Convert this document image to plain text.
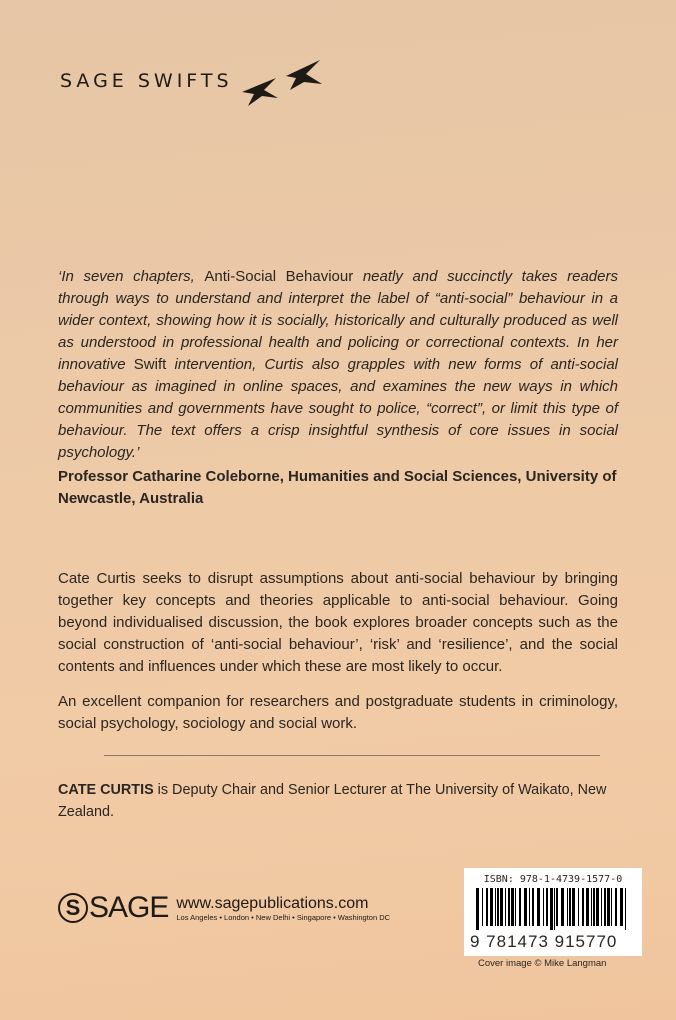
SAGE SWIFTS
‘In seven chapters, Anti-Social Behaviour neatly and succinctly takes readers through ways to understand and interpret the label of “anti-social” behaviour in a wider context, showing how it is socially, historically and culturally produced as well as understood in professional health and policing or correctional contexts. In her innovative Swift intervention, Curtis also grapples with new forms of anti-social behaviour as imagined in online spaces, and examines the new ways in which communities and governments have sought to police, “correct”, or limit this type of behaviour. The text offers a crisp insightful synthesis of core issues in social psychology.’
Professor Catharine Coleborne, Humanities and Social Sciences, University of Newcastle, Australia
Cate Curtis seeks to disrupt assumptions about anti-social behaviour by bringing together key concepts and theories applicable to anti-social behaviour. Going beyond individualised discussion, the book explores broader concepts such as the social construction of ‘anti-social behaviour’, ‘risk’ and ‘resilience’, and the social contents and influences under which these are most likely to occur.
An excellent companion for researchers and postgraduate students in criminology, social psychology, sociology and social work.
CATE CURTIS is Deputy Chair and Senior Lecturer at The University of Waikato, New Zealand.
S SAGE www.sagepublications.com
Los Angeles • London • New Delhi • Singapore • Washington DC
ISBN: 978-1-4739-1577-0
9 781473 915770
Cover image © Mike Langman
